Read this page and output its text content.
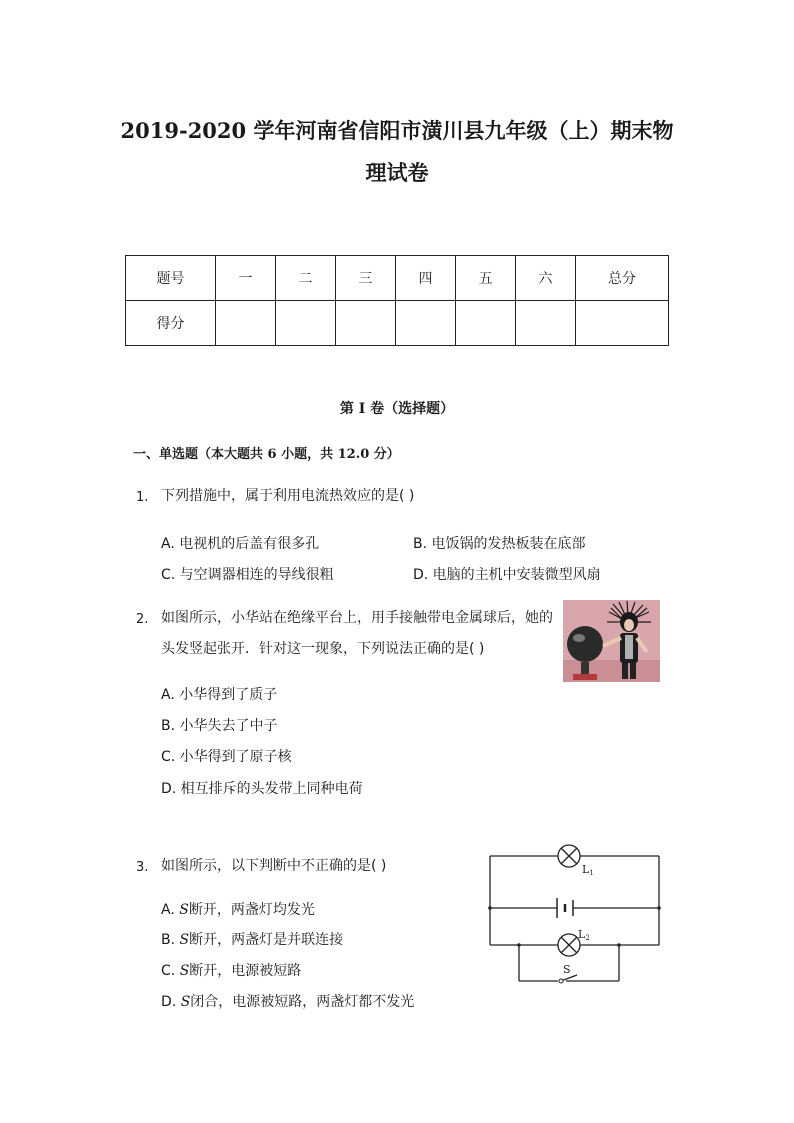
2019-2020 学年河南省信阳市潢川县九年级（上）期末物
理试卷
题号	一	二	三	四	五	六	总分
得分							
第 I 卷（选择题）
一、单选题（本大题共 6 小题，共 12.0 分）
1. 下列措施中，属于利用电流热效应的是( )
A. 电视机的后盖有很多孔	B. 电饭锅的发热板装在底部
C. 与空调器相连的导线很粗	D. 电脑的主机中安装微型风扇
2. 如图所示，小华站在绝缘平台上，用手接触带电金属球后，她的
头发竖起张开．针对这一现象，下列说法正确的是( )
A. 小华得到了质子
B. 小华失去了中子
C. 小华得到了原子核
D. 相互排斥的头发带上同种电荷
3. 如图所示，以下判断中不正确的是( )
A. S断开，两盏灯均发光
B. S断开，两盏灯是并联连接
C. S断开，电源被短路
D. S闭合，电源被短路，两盏灯都不发光
L1
L2
S
